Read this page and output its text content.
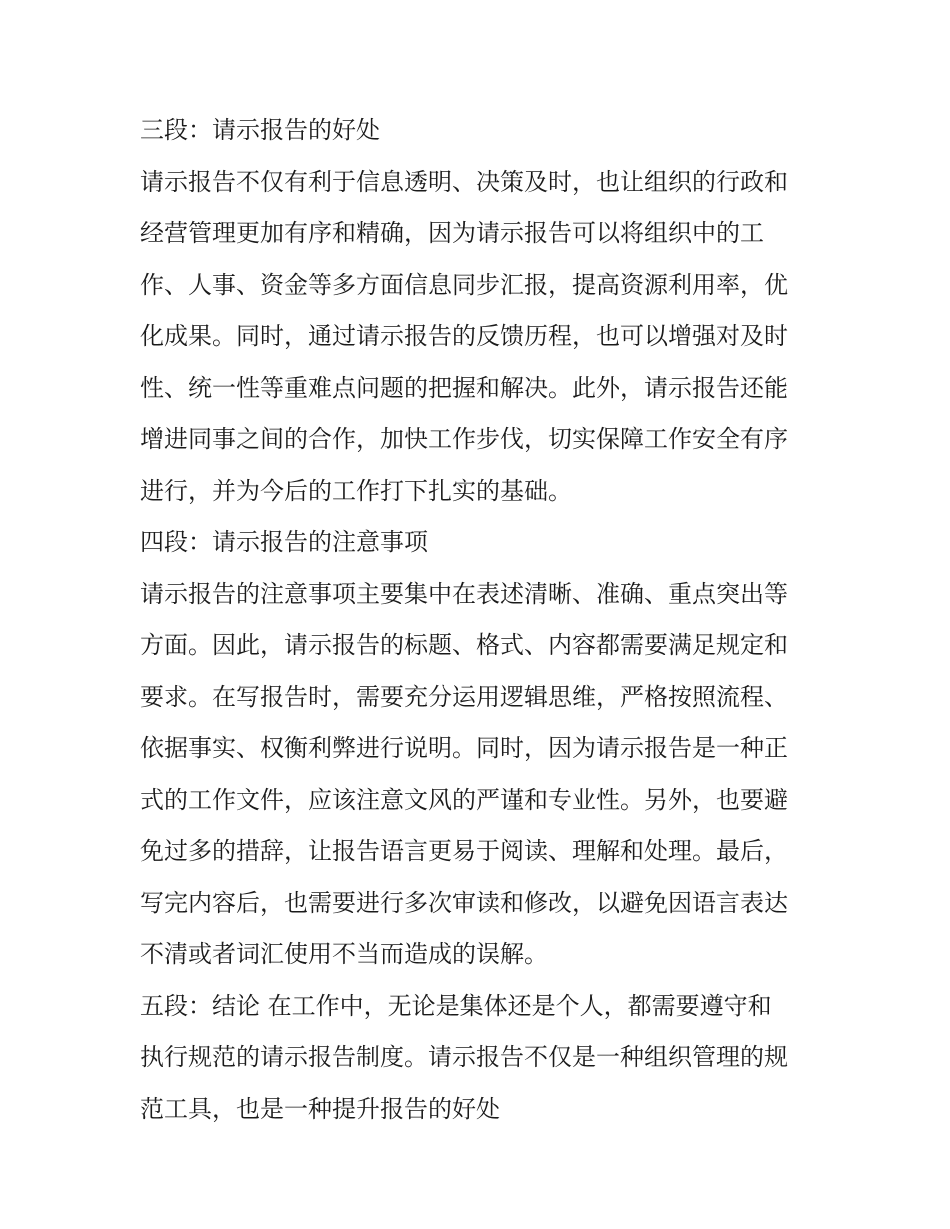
三段：请示报告的好处
请示报告不仅有利于信息透明、决策及时，也让组织的行政和
经营管理更加有序和精确，因为请示报告可以将组织中的工
作、人事、资金等多方面信息同步汇报，提高资源利用率，优
化成果。同时，通过请示报告的反馈历程，也可以增强对及时
性、统一性等重难点问题的把握和解决。此外，请示报告还能
增进同事之间的合作，加快工作步伐，切实保障工作安全有序
进行，并为今后的工作打下扎实的基础。
四段：请示报告的注意事项
请示报告的注意事项主要集中在表述清晰、准确、重点突出等
方面。因此，请示报告的标题、格式、内容都需要满足规定和
要求。在写报告时，需要充分运用逻辑思维，严格按照流程、
依据事实、权衡利弊进行说明。同时，因为请示报告是一种正
式的工作文件，应该注意文风的严谨和专业性。另外，也要避
免过多的措辞，让报告语言更易于阅读、理解和处理。最后，
写完内容后，也需要进行多次审读和修改，以避免因语言表达
不清或者词汇使用不当而造成的误解。
五段：结论 在工作中，无论是集体还是个人，都需要遵守和
执行规范的请示报告制度。请示报告不仅是一种组织管理的规
范工具，也是一种提升报告的好处
